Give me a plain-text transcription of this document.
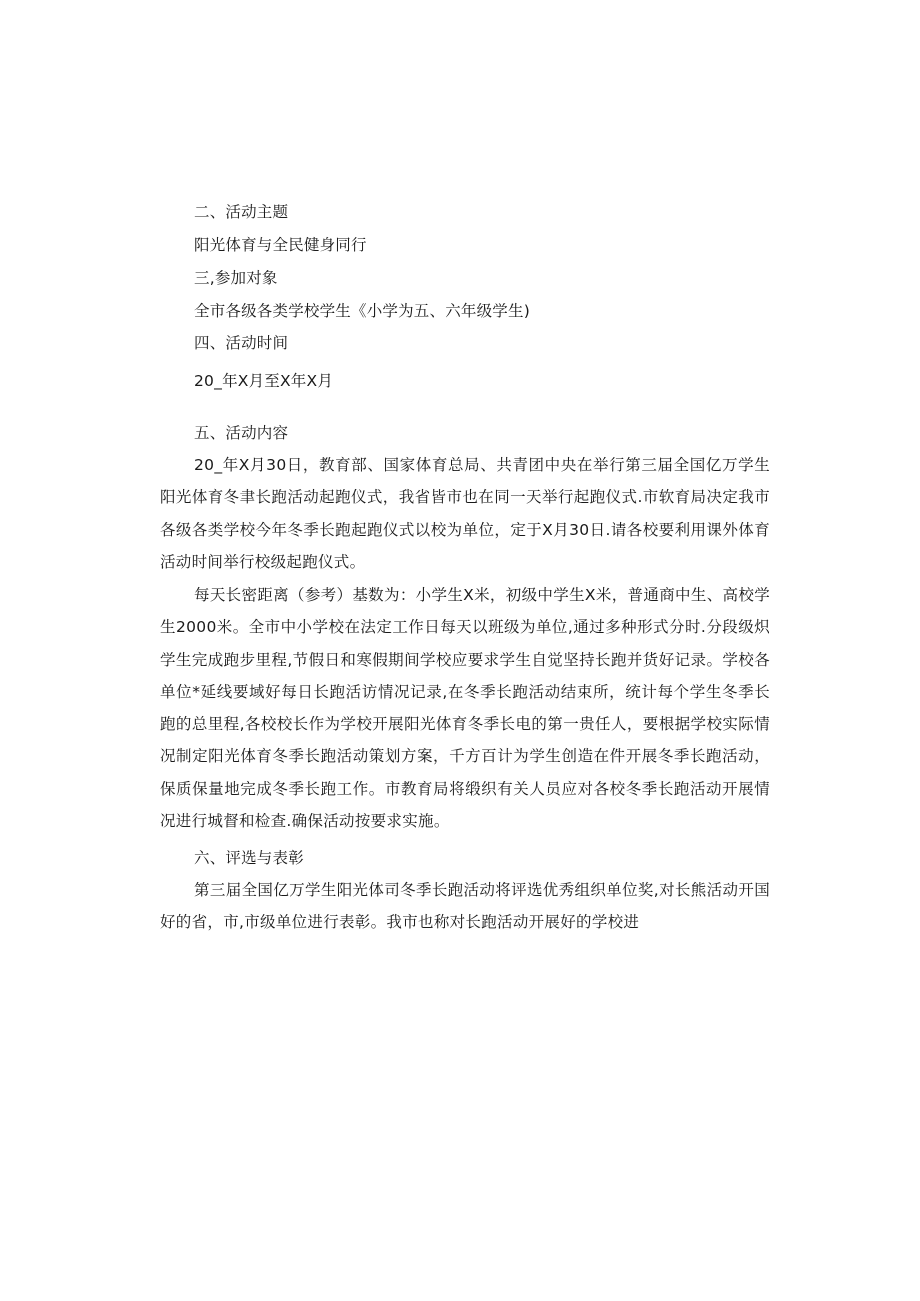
二、活动主题
阳光体育与全民健身同行
三,参加对象
全市各级各类学校学生《小学为五、六年级学生)
四、活动时间
20_年X月至X年X月
五、活动内容
20_年X月30日，教育部、国家体育总局、共青团中央在举行第三届全国亿万学生阳光体育冬聿长跑活动起跑仪式，我省皆市也在同一天举行起跑仪式.市软育局决定我市各级各类学校今年冬季长跑起跑仪式以校为单位，定于X月30日.请各校要利用课外体育活动时间举行校级起跑仪式。
每天长密距离（参考）基数为：小学生X米，初级中学生X米，普通商中生、高校学生2000米。全市中小学校在法定工作日每天以班级为单位,通过多种形式分时.分段级炽学生完成跑步里程,节假日和寒假期间学校应要求学生自觉坚持长跑并货好记录。学校各单位*延线要域好每日长跑活访情况记录,在冬季长跑活动结束所，统计每个学生冬季长跑的总里程,各校校长作为学校开展阳光体育冬季长电的第一贵任人，要根据学校实际情况制定阳光体育冬季长跑活动策划方案，千方百计为学生创造在件开展冬季长跑活动，保质保量地完成冬季长跑工作。市教育局将缎织有关人员应对各校冬季长跑活动开展情况进行城督和检查.确保活动按要求实施。
六、评选与表彰
第三届全国亿万学生阳光体司冬季长跑活动将评选优秀组织单位奖,对长熊活动开国好的省，市,市级单位进行表彰。我市也称对长跑活动开展好的学校进
